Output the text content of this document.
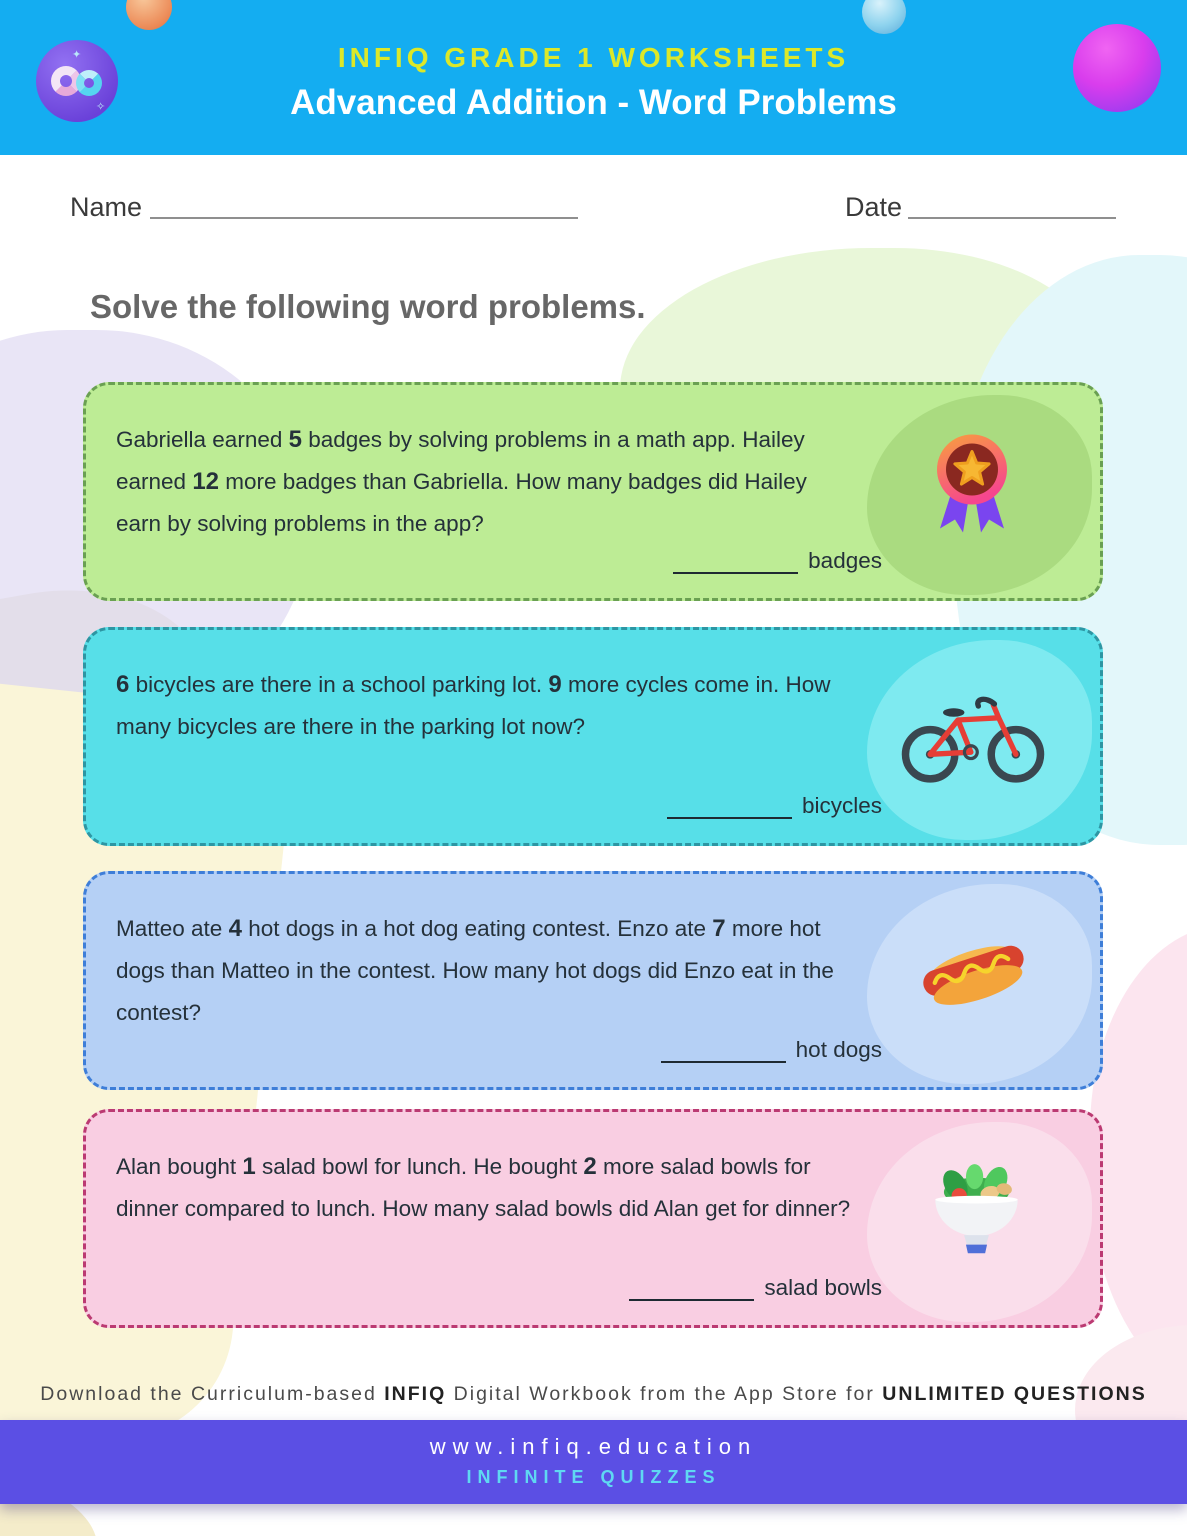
✦
✧
INFIQ GRADE 1 WORKSHEETS
Advanced Addition - Word Problems
Name	Date
Solve the following word problems.
Gabriella earned 5 badges by solving problems in a math app. Hailey
earned 12 more badges than Gabriella. How many badges did Hailey
earn by solving problems in the app?
badges
6 bicycles are there in a school parking lot. 9 more cycles come in. How
many bicycles are there in the parking lot now?
bicycles
Matteo ate 4 hot dogs in a hot dog eating contest. Enzo ate 7 more hot
dogs than Matteo in the contest. How many hot dogs did Enzo eat in the
contest?
hot dogs
Alan bought 1 salad bowl for lunch. He bought 2 more salad bowls for
dinner compared to lunch. How many salad bowls did Alan get for dinner?
salad bowls
Download the Curriculum-based INFIQ Digital Workbook from the App Store for UNLIMITED QUESTIONS
www.infiq.education
INFINITE QUIZZES
